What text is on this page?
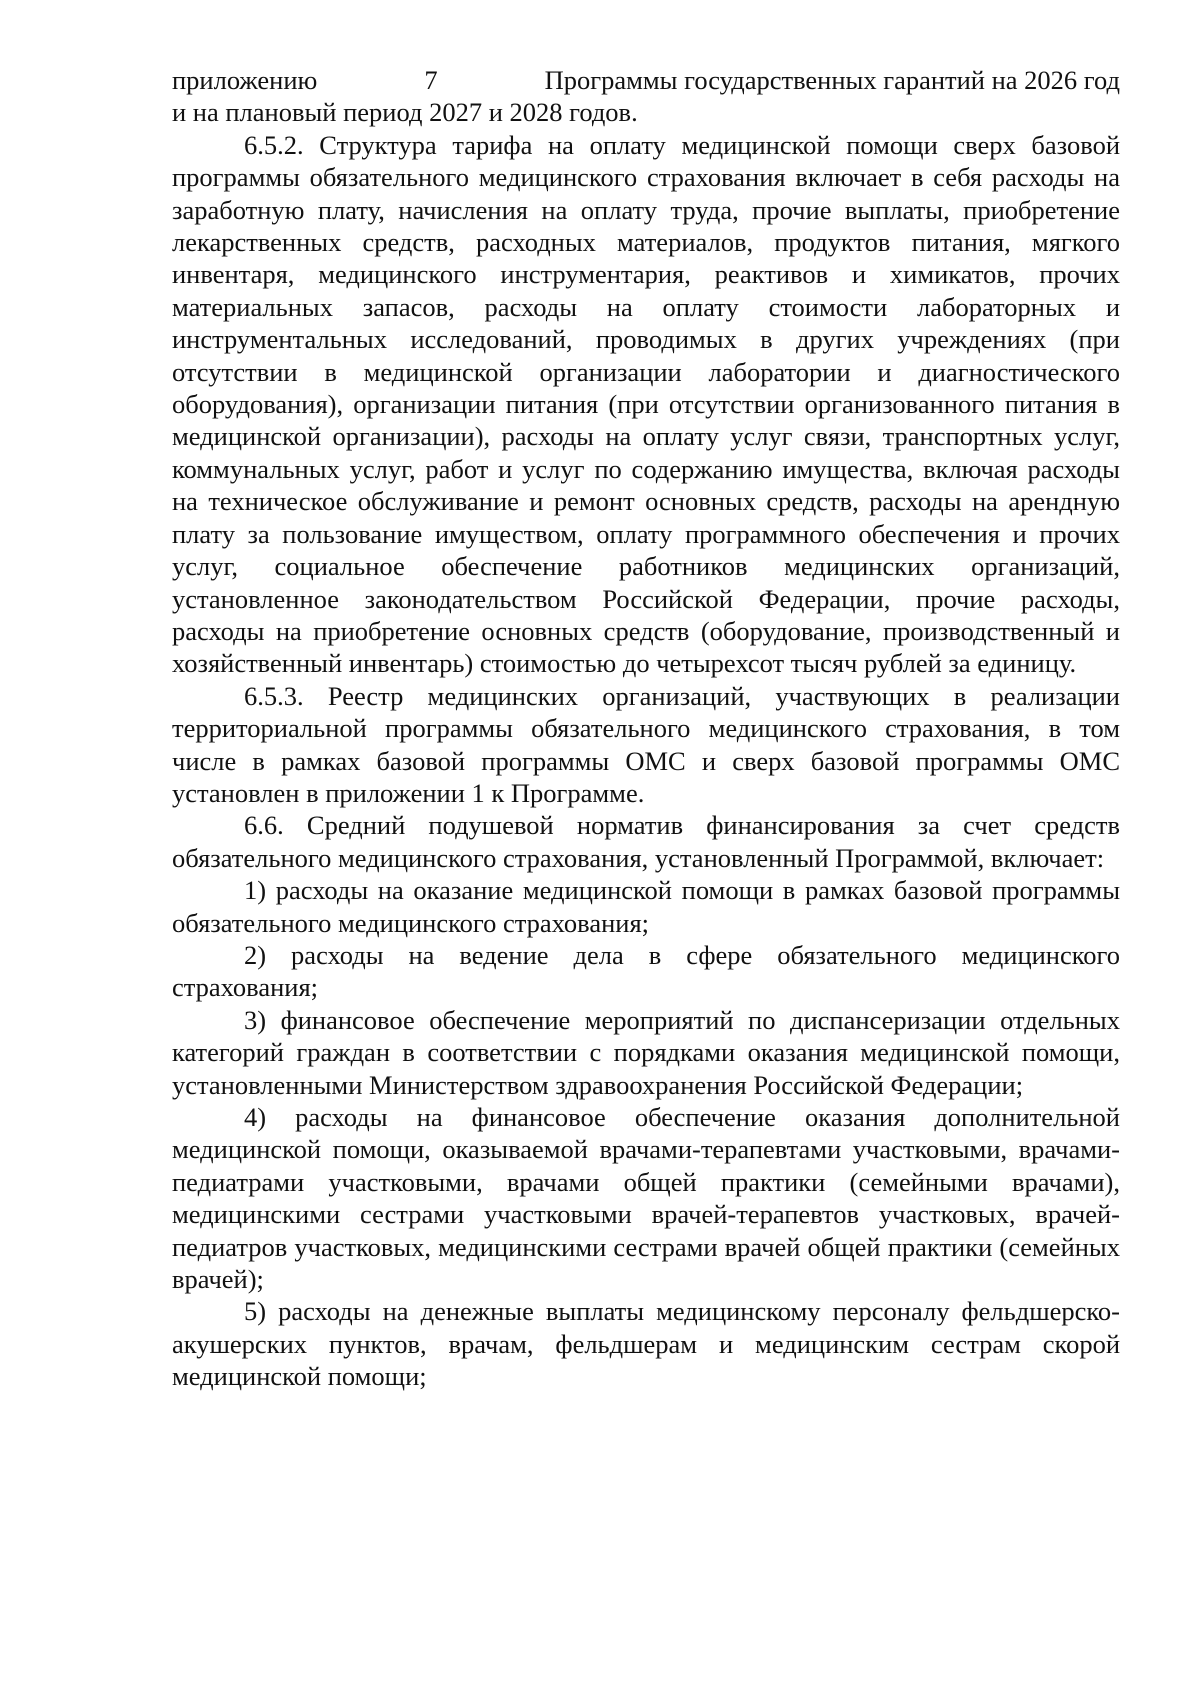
приложению	7	Программы государственных гарантий на 2026 год

и на плановый период 2027 и 2028 годов.

6.5.2. Структура тарифа на оплату медицинской помощи сверх базовой программы обязательного медицинского страхования включает в себя расходы на заработную плату, начисления на оплату труда, прочие выплаты, приобретение лекарственных средств, расходных материалов, продуктов питания, мягкого инвентаря, медицинского инструментария, реактивов и химикатов, прочих материальных запасов, расходы на оплату стоимости лабораторных и инструментальных исследований, проводимых в других учреждениях (при отсутствии в медицинской организации лаборатории и диагностического оборудования), организации питания (при отсутствии организованного питания в медицинской организации), расходы на оплату услуг связи, транспортных услуг, коммунальных услуг, работ и услуг по содержанию имущества, включая расходы на техническое обслуживание и ремонт основных средств, расходы на арендную плату за пользование имуществом, оплату программного обеспечения и прочих услуг, социальное обеспечение работников медицинских организаций, установленное законодательством Российской Федерации, прочие расходы, расходы на приобретение основных средств (оборудование, производственный и хозяйственный инвентарь) стоимостью до четырехсот тысяч рублей за единицу.

6.5.3. Реестр медицинских организаций, участвующих в реализации территориальной программы обязательного медицинского страхования, в том числе в рамках базовой программы ОМС и сверх базовой программы ОМС установлен в приложении 1 к Программе.

6.6. Средний подушевой норматив финансирования за счет средств обязательного медицинского страхования, установленный Программой, включает:

1) расходы на оказание медицинской помощи в рамках базовой программы обязательного медицинского страхования;

2) расходы на ведение дела в сфере обязательного медицинского страхования;

3) финансовое обеспечение мероприятий по диспансеризации отдельных категорий граждан в соответствии с порядками оказания медицинской помощи, установленными Министерством здравоохранения Российской Федерации;

4) расходы на финансовое обеспечение оказания дополнительной медицинской помощи, оказываемой врачами-терапевтами участковыми, врачами-педиатрами участковыми, врачами общей практики (семейными врачами), медицинскими сестрами участковыми врачей-терапевтов участковых, врачей-педиатров участковых, медицинскими сестрами врачей общей практики (семейных врачей);

5) расходы на денежные выплаты медицинскому персоналу фельдшерско-акушерских пунктов, врачам, фельдшерам и медицинским сестрам скорой медицинской помощи;
